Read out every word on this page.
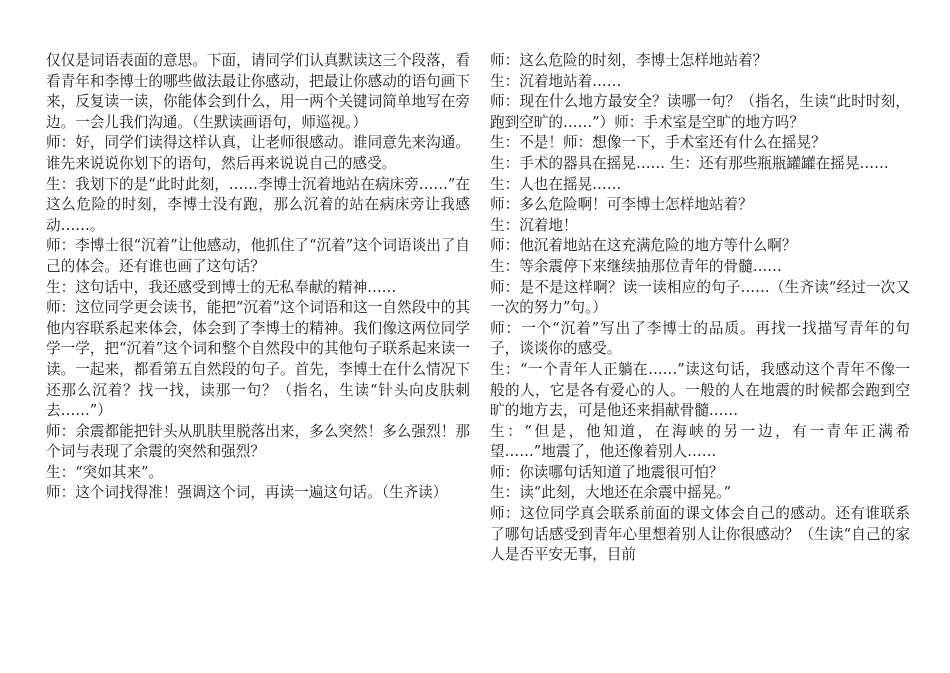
仅仅是词语表面的意思。下面，请同学们认真默读这三个段落，看看青年和李博士的哪些做法最让你感动，把最让你感动的语句画下来，反复读一读，你能体会到什么，用一两个关键词简单地写在旁边。一会儿我们沟通。（生默读画语句，师巡视。）

师：好，同学们读得这样认真，让老师很感动。谁同意先来沟通。谁先来说说你划下的语句，然后再来说说自己的感受。

生：我划下的是“此时此刻，……李博士沉着地站在病床旁……”在这么危险的时刻，李博士没有跑，那么沉着的站在病床旁让我感动……。

师：李博士很“沉着”让他感动，他抓住了“沉着”这个词语谈出了自己的体会。还有谁也画了这句话？

生：这句话中，我还感受到博士的无私奉献的精神……

师：这位同学更会读书，能把“沉着”这个词语和这一自然段中的其他内容联系起来体会，体会到了李博士的精神。我们像这两位同学学一学，把“沉着”这个词和整个自然段中的其他句子联系起来读一读。一起来，都看第五自然段的句子。首先，李博士在什么情况下还那么沉着？找一找，读那一句？（指名，生读“针头向皮肤刺去……”）

师：余震都能把针头从肌肤里脱落出来，多么突然！多么强烈！那个词与表现了余震的突然和强烈？

生：“突如其来”。

师：这个词找得准！强调这个词，再读一遍这句话。（生齐读）

师：这么危险的时刻，李博士怎样地站着？

生：沉着地站着……

师：现在什么地方最安全？读哪一句？（指名，生读“此时时刻，跑到空旷的……”）师：手术室是空旷的地方吗？

生：不是！师：想像一下，手术室还有什么在摇晃？

生：手术的器具在摇晃…… 生：还有那些瓶瓶罐罐在摇晃……

生：人也在摇晃……

师：多么危险啊！可李博士怎样地站着？

生：沉着地！

师：他沉着地站在这充满危险的地方等什么啊？

生：等余震停下来继续抽那位青年的骨髓……

师：是不是这样啊？读一读相应的句子……（生齐读“经过一次又一次的努力”句。）

师：一个“沉着”写出了李博士的品质。再找一找描写青年的句子，谈谈你的感受。

生：“一个青年人正躺在……”读这句话，我感动这个青年不像一般的人，它是各有爱心的人。一般的人在地震的时候都会跑到空旷的地方去，可是他还来捐献骨髓……

生：“但是，他知道，在海峡的另一边，有一青年正满希望……”地震了，他还像着别人……

师：你读哪句话知道了地震很可怕？

生：读“此刻，大地还在余震中摇晃。”

师：这位同学真会联系前面的课文体会自己的感动。还有谁联系了哪句话感受到青年心里想着别人让你很感动？（生读“自己的家人是否平安无事，目前
